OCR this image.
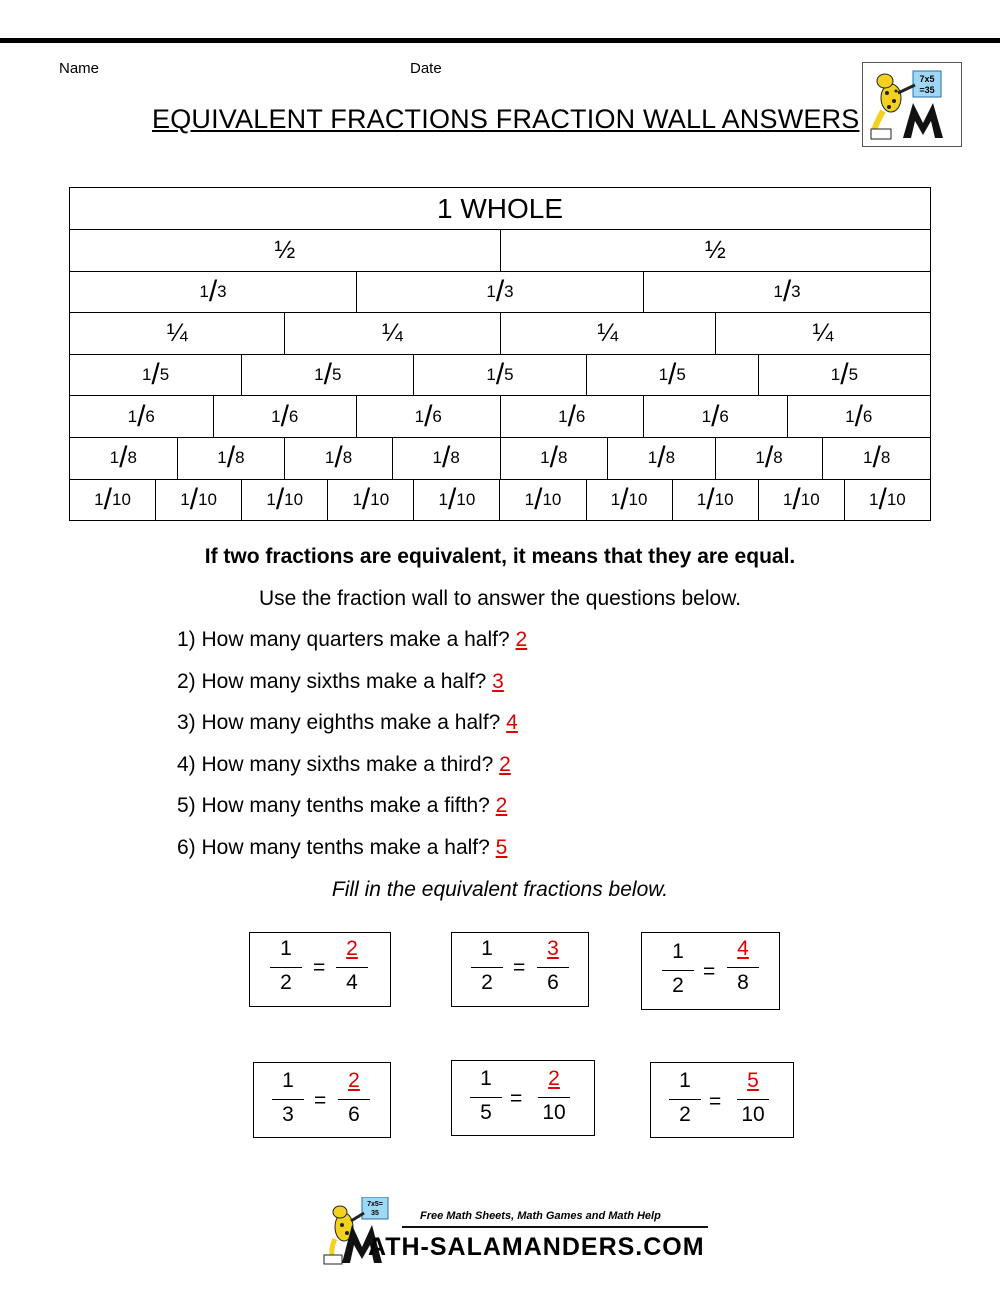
Name	Date
EQUIVALENT FRACTIONS FRACTION WALL ANSWERS
7x5
=35
1 WHOLE
½	½
1 / 3	1 / 3	1 / 3
¼	¼	¼	¼
1 / 5	1 / 5	1 / 5	1 / 5	1 / 5
1 / 6	1 / 6	1 / 6	1 / 6	1 / 6	1 / 6
1 / 8	1 / 8	1 / 8	1 / 8	1 / 8	1 / 8	1 / 8	1 / 8
1 / 10	1 / 10	1 / 10	1 / 10	1 / 10	1 / 10	1 / 10	1 / 10	1 / 10	1 / 10
If two fractions are equivalent, it means that they are equal.
Use the fraction wall to answer the questions below.
1) How many quarters make a half? 2
2) How many sixths make a half? 3
3) How many eighths make a half? 4
4) How many sixths make a third? 2
5) How many tenths make a fifth? 2
6) How many tenths make a half? 5
Fill in the equivalent fractions below.
1
2
=
2
4
1
2
=
3
6
1
2
=
4
8
1
3
=
2
6
1
5
=
2
10
1
2
=
5
10
7x5=
35	Free Math Sheets, Math Games and Math Help
ATH-SALAMANDERS.COM
